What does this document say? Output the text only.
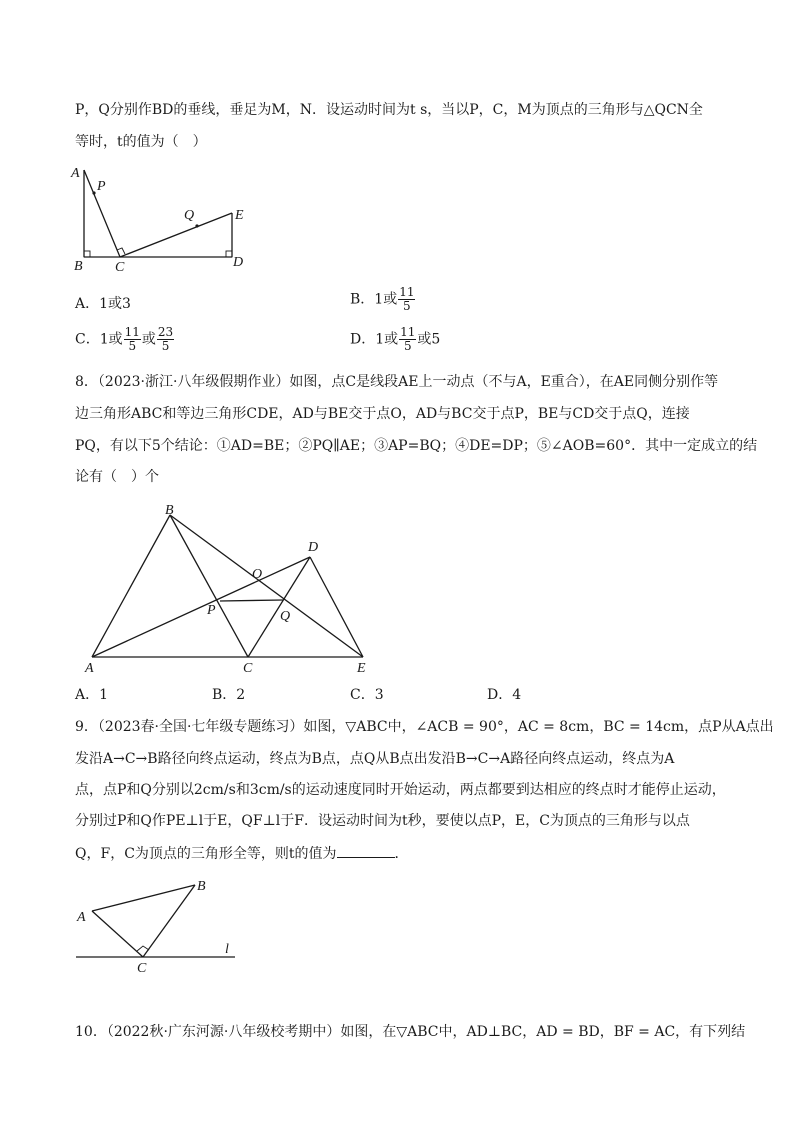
P，Q分别作BD的垂线，垂足为M，N．设运动时间为t s，当以P，C，M为顶点的三角形与△QCN全
等时，t的值为（　）
A
P
Q	E
B C	D
A．1或3	B．1或 $\frac{11}{5}$
C．1或 $\frac{11}{5}$ 或 $\frac{23}{5}$	D．1或 $\frac{11}{5}$ 或5
8．（2023·浙江·八年级假期作业）如图，点C是线段AE上一动点（不与A，E重合），在AE同侧分别作等
边三角形ABC和等边三角形CDE，AD与BE交于点O，AD与BC交于点P，BE与CD交于点Q，连接
PQ，有以下5个结论：①AD=BE；②PQ∥AE；③AP=BQ；④DE=DP；⑤∠AOB=60°．其中一定成立的结
论有（　）个
B
D
O
P	Q
A	C	E
A．1	B．2	C．3	D．4
9．（2023春·全国·七年级专题练习）如图，▽ABC中，∠ACB = 90°，AC = 8cm，BC = 14cm，点P从A点出
发沿A→C→B路径向终点运动，终点为B点，点Q从B点出发沿B→C→A路径向终点运动，终点为A
点，点P和Q分别以2cm/s和3cm/s的运动速度同时开始运动，两点都要到达相应的终点时才能停止运动，
分别过P和Q作PE⊥l于E，QF⊥l于F．设运动时间为t秒，要使以点P，E，C为顶点的三角形与以点
Q，F，C为顶点的三角形全等，则t的值为	．
B
A
l
C
10．（2022秋·广东河源·八年级校考期中）如图，在▽ABC中，AD⊥BC，AD = BD，BF = AC，有下列结
